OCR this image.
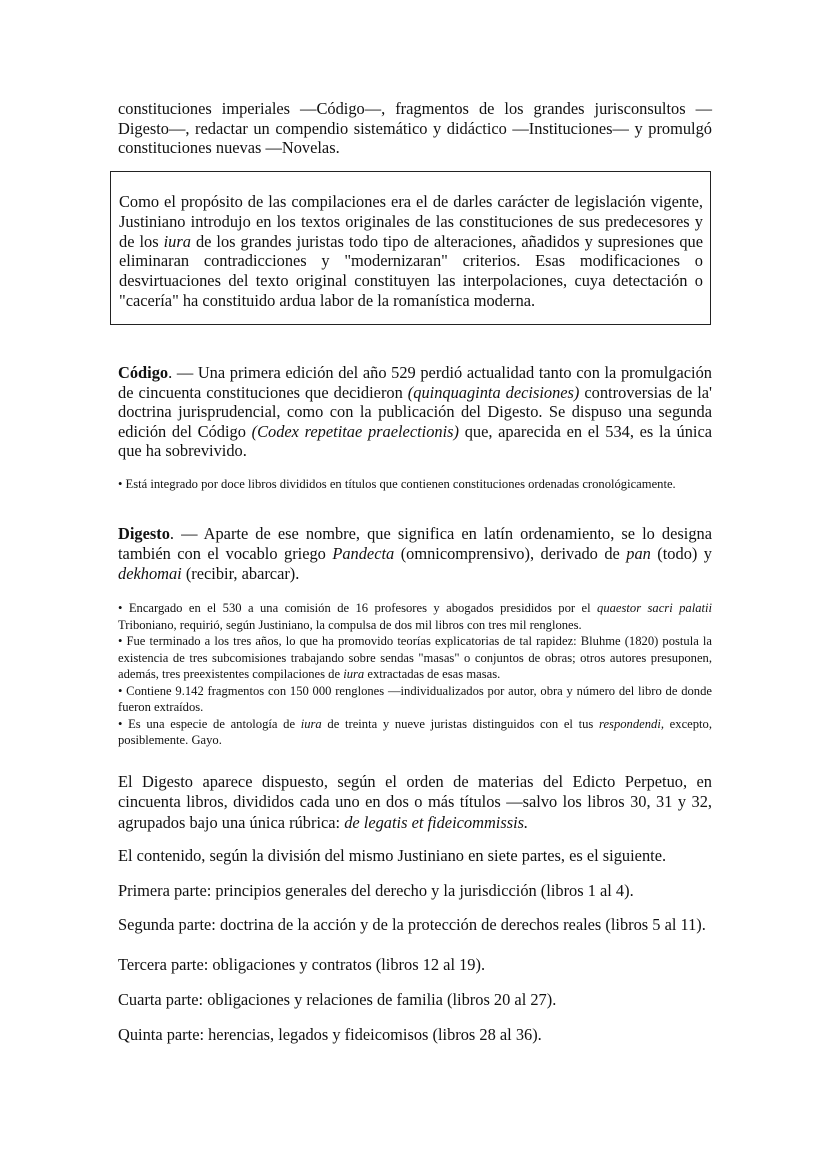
constituciones imperiales —Código—, fragmentos de los grandes jurisconsultos —
Digesto—, redactar un compendio sistemático y didáctico —Instituciones— y promulgó
constituciones nuevas —Novelas.

Como el propósito de las compilaciones era el de darles carácter de legislación vigente, Justiniano introdujo en los textos originales de las constituciones de sus predecesores y de los iura de los grandes juristas todo tipo de alteraciones, añadidos y supresiones que eliminaran contradicciones y "modernizaran" criterios. Esas modificaciones o desvirtuaciones del texto original constituyen las interpolaciones, cuya detectación o "cacería" ha constituido ardua labor de la romanística moderna.

Código. — Una primera edición del año 529 perdió actualidad tanto con la promulgación de cincuenta constituciones que decidieron (quinquaginta decisiones) controversias de la' doctrina jurisprudencial, como con la publicación del Digesto. Se dispuso una segunda edición del Código (Codex repetitae praelectionis) que, aparecida en el 534, es la única que ha sobrevivido.

• Está integrado por doce libros divididos en títulos que contienen constituciones ordenadas cronológicamente.

Digesto. — Aparte de ese nombre, que significa en latín ordenamiento, se lo designa también con el vocablo griego Pandecta (omnicomprensivo), derivado de pan (todo) y dekhomai (recibir, abarcar).

• Encargado en el 530 a una comisión de 16 profesores y abogados presididos por el quaestor sacri palatii Triboniano, requirió, según Justiniano, la compulsa de dos mil libros con tres mil renglones.

• Fue terminado a los tres años, lo que ha promovido teorías explicatorias de tal rapidez: Bluhme (1820) postula la existencia de tres subcomisiones trabajando sobre sendas "masas" o conjuntos de obras; otros autores presuponen, además, tres preexistentes compilaciones de iura extractadas de esas masas.

• Contiene 9.142 fragmentos con 150 000 renglones —individualizados por autor, obra y número del libro de donde fueron extraídos.

• Es una especie de antología de iura de treinta y nueve juristas distinguidos con el tus respondendi, excepto, posiblemente. Gayo.

El Digesto aparece dispuesto, según el orden de materias del Edicto Perpetuo, en cincuenta libros, divididos cada uno en dos o más títulos —salvo los libros 30, 31 y 32, agrupados bajo una única rúbrica: de legatis et fideicommissis.

El contenido, según la división del mismo Justiniano en siete partes, es el siguiente.

Primera parte: principios generales del derecho y la jurisdicción (libros 1 al 4).

Segunda parte: doctrina de la acción y de la protección de derechos reales (libros 5 al 11).

Tercera parte: obligaciones y contratos (libros 12 al 19).

Cuarta parte: obligaciones y relaciones de familia (libros 20 al 27).

Quinta parte: herencias, legados y fideicomisos (libros 28 al 36).
